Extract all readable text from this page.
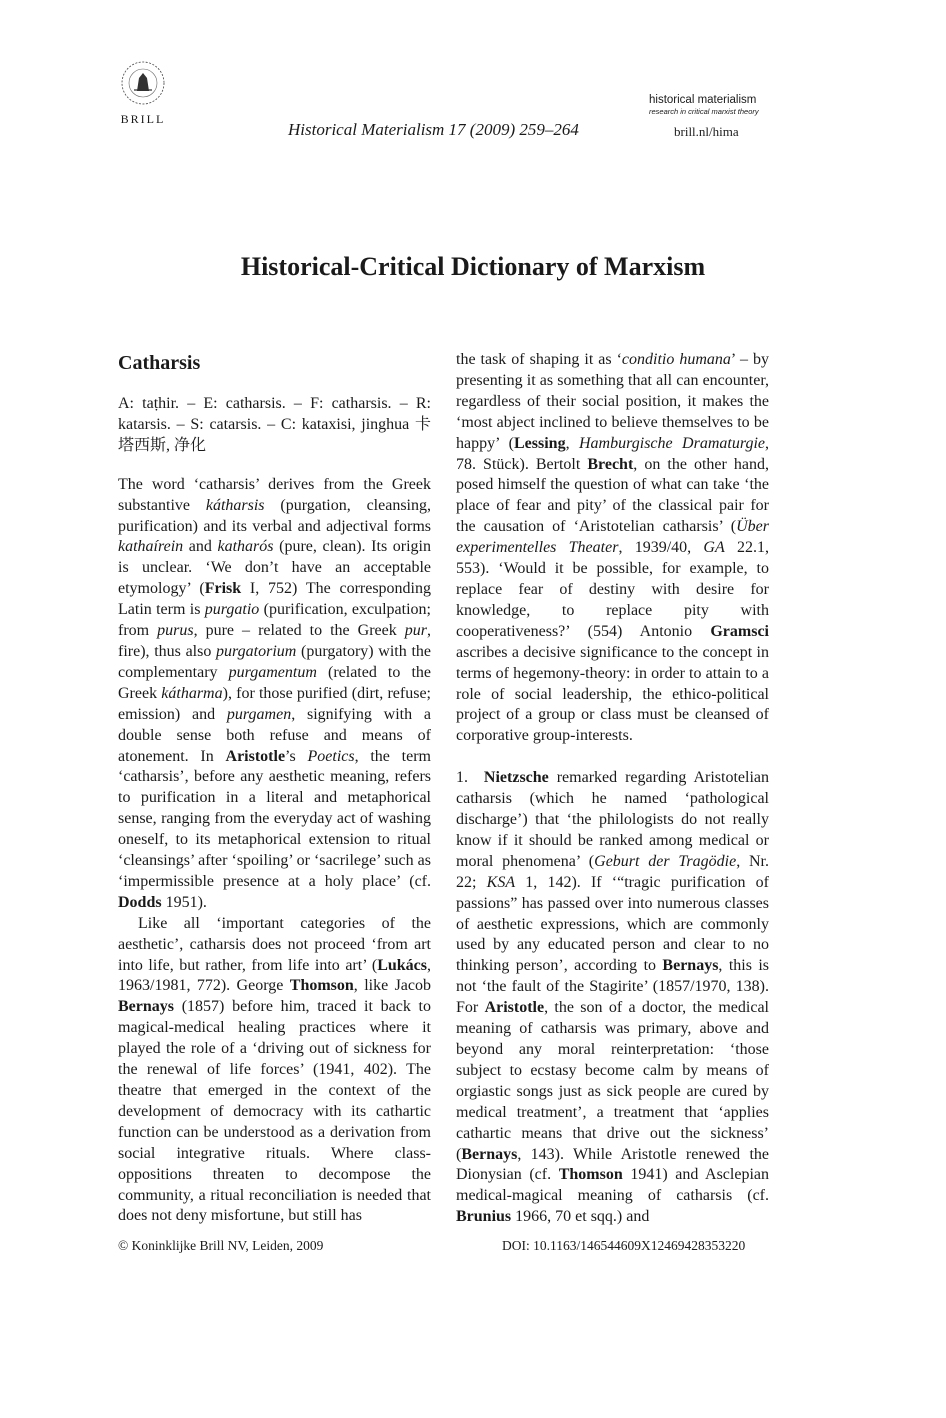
BRILL
Historical Materialism 17 (2009) 259–264
historical materialism
research in critical marxist theory
brill.nl/hima
Historical-Critical Dictionary of Marxism
Catharsis

A: taṭhir. – E: catharsis. – F: catharsis. – R: katarsis. – S: catarsis. – C: kataxisi, jinghua 卡塔西斯, 净化

The word ‘catharsis’ derives from the Greek substantive kátharsis (purgation, cleansing, purification) and its verbal and adjectival forms kathaírein and katharós (pure, clean). Its origin is unclear. ‘We don’t have an acceptable etymology’ (Frisk I, 752) The corresponding Latin term is purgatio (purification, exculpation; from purus, pure – related to the Greek pur, fire), thus also purgatorium (purgatory) with the complementary purgamentum (related to the Greek kátharma), for those purified (dirt, refuse; emission) and purgamen, signifying with a double sense both refuse and means of atonement. In Aristotle’s Poetics, the term ‘catharsis’, before any aesthetic meaning, refers to purification in a literal and metaphorical sense, ranging from the everyday act of washing oneself, to its metaphorical extension to ritual ‘cleansings’ after ‘spoiling’ or ‘sacrilege’ such as ‘impermissible presence at a holy place’ (cf. Dodds 1951).

Like all ‘important categories of the aesthetic’, catharsis does not proceed ‘from art into life, but rather, from life into art’ (Lukács, 1963/1981, 772). George Thomson, like Jacob Bernays (1857) before him, traced it back to magical-medical healing practices where it played the role of a ‘driving out of sickness for the renewal of life forces’ (1941, 402). The theatre that emerged in the context of the development of democracy with its cathartic function can be understood as a derivation from social integrative rituals. Where class-oppositions threaten to decompose the community, a ritual reconciliation is needed that does not deny misfortune, but still has

the task of shaping it as ‘conditio humana’ – by presenting it as something that all can encounter, regardless of their social position, it makes the ‘most abject inclined to believe themselves to be happy’ (Lessing, Hamburgische Dramaturgie, 78. Stück). Bertolt Brecht, on the other hand, posed himself the question of what can take ‘the place of fear and pity’ of the classical pair for the causation of ‘Aristotelian catharsis’ (Über experimentelles Theater, 1939/40, GA 22.1, 553). ‘Would it be possible, for example, to replace fear of destiny with desire for knowledge, to replace pity with cooperativeness?’ (554) Antonio Gramsci ascribes a decisive significance to the concept in terms of hegemony-theory: in order to attain to a role of social leadership, the ethico-political project of a group or class must be cleansed of corporative group-interests.

1.  Nietzsche remarked regarding Aristotelian catharsis (which he named ‘pathological discharge’) that ‘the philologists do not really know if it should be ranked among medical or moral phenomena’ (Geburt der Tragödie, Nr. 22; KSA 1, 142). If ‘“tragic purification of passions” has passed over into numerous classes of aesthetic expressions, which are commonly used by any educated person and clear to no thinking person’, according to Bernays, this is not ‘the fault of the Stagirite’ (1857/1970, 138). For Aristotle, the son of a doctor, the medical meaning of catharsis was primary, above and beyond any moral reinterpretation: ‘those subject to ecstasy become calm by means of orgiastic songs just as sick people are cured by medical treatment’, a treatment that ‘applies cathartic means that drive out the sickness’ (Bernays, 143). While Aristotle renewed the Dionysian (cf. Thomson 1941) and Asclepian medical-magical meaning of catharsis (cf. Brunius 1966, 70 et sqq.) and

© Koninklijke Brill NV, Leiden, 2009	DOI: 10.1163/146544609X12469428353220
